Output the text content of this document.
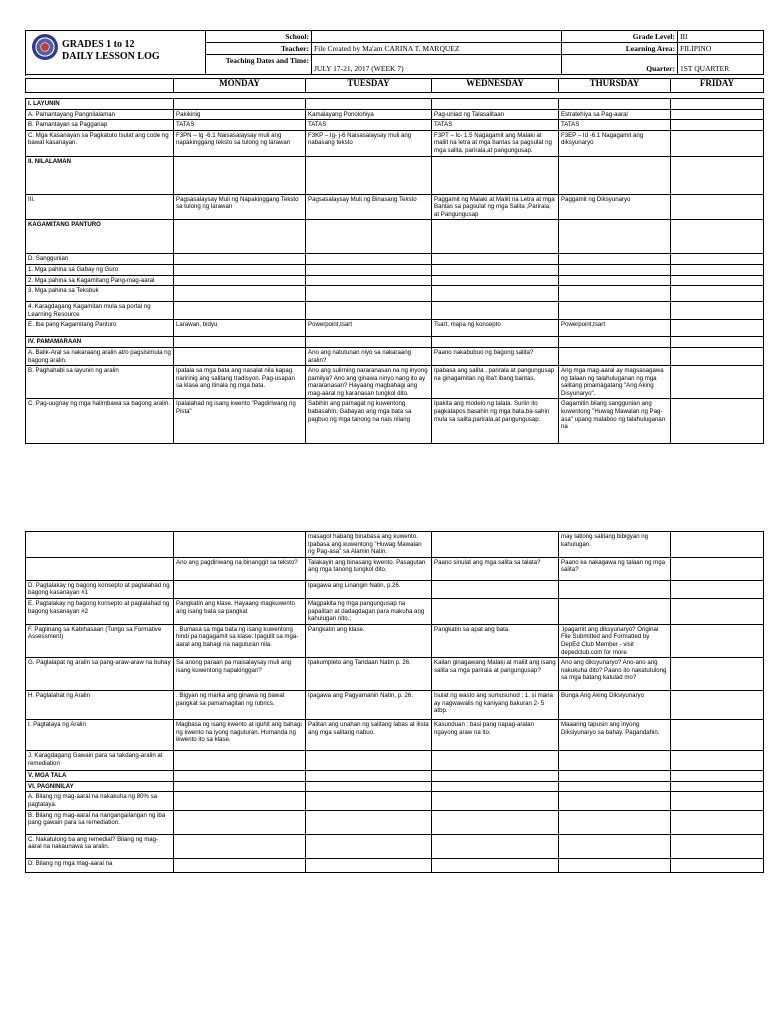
GRADES 1 to 12
DAILY LESSON LOG	School:			Grade Level:	III
	Teacher:	File Created by Ma'am CARINA T. MARQUEZ		Learning Area:	FILIPINO
	Teaching Dates and Time:	JULY 17-21, 2017 (WEEK 7)		Quarter:	1ST QUARTER

	MONDAY	TUESDAY	WEDNESDAY	THURSDAY	FRIDAY
I. LAYUNIN					
A. Pamantayang Pangnilalaman	Pakikinig	Kamalayang Ponolohiya	Pag-unlad ng Talasalitaan	Estratehiya sa Pag-aaral	
B. Pamantayan sa Pagganap	TATAS	TATAS	TATAS	TATAS	
C. Mga Kasanayan sa Pagkatuto Isulat ang code ng bawat kasanayan.	F3PN – Ig -6.1 Naisasalaysay muli ang napakinggang teksto sa tulong ng larawan	F3KP – Ig- j-6 Naisasalaysay muli ang nabasang teksto	F3PT – Ic- 1.5 Nagagamit ang Malaki at maliit na letra at mga bantas sa pagsulat ng mga salita, parirala,at pangungusap.	F3EP – Id -6.1 Nagagamit ang diksyunaryo	
II. NILALAMAN					
III.	Pagsasalaysay Muli ng Napakinggang Teksto sa tulong ng larawan	Pagsasalaysay Muli ng Binasang Teksto	Paggamit ng Malaki at Maliit na Letra at mga Bantas sa pagsulat ng mga Salita ,Parirala, at Pangungusap	Paggamit ng Diksyunaryo	
KAGAMITANG PANTURO					
D. Sanggunian					
1. Mga pahina sa Gabay ng Guro					
2. Mga pahina sa Kagamitang Pang-mag-aaral					
3. Mga pahina sa Teksbuk					
4. Karagdagang Kagamitan mula sa portal ng Learning Resource					
E. Iba pang Kagamitang Panturo	Larawan, bidyu	Powerpoint,tsart	Tsart, mapa ng konsepto	Powerpoint,tsart	
IV. PAMAMARAAN					
A. Balik-Aral sa nakaraang aralin at/o pagsisimula ng bagong aralin.		Ano ang natutunan niyo sa nakaraang aralin?	Paano nakabubuo ng bagong salita?		
B. Paghahabi sa layunin ng aralin	Ipatala sa mga bata ang nasalat nila kapag naririnig ang salitang tradisyon. Pag-usapan sa klase ang itinala ng mga bata.	Ano ang sulirning nararanasan na ng inyong pamilya? Ano ang ginawa ninyo nang ito ay mararanasan? Hayaang magbahagi ang mag-aaral ng karanasan tungkol dito.	Ipabasa ang salita , parirala at pangungusap na ginagamitan ng iba't ibang bantas.	Ang mga mag-aaral ay magsasagawa ng talaan ng talahuluganan ng mga salitang pinamagatang "Ang Aking Disyunaryo".	
C. Pag-uugnay ng mga halimbawa sa bagong aralin.	Ipalalahad ng isang kwento "Pagdiriwang ng Pista"	Sabihin ang pamagat ng kuwentong babasahin. Gabayan ang mga bata sa pagbuo ng mga tanong na nais nilang	Ipakita ang modelo ng talata. Suriin ito pagkatapos basahin ng mga bata,ba-sahin mula sa salita,parirala,at pangungusap.	Gagamitin bilang sanggunian ang kuwentong "Huwag Mawalan ng Pag-asa" upang malaboo ng talahuluganan na	
		masagot habang binabasa ang kuwento. Ipabasa ang kuwentong "Huwag Mawalan ng Pag-asa" sa Alamin Natin.		may tatlong salitang bibigyan ng kahulugan.	
	Ano ang pagdiriwang na binanggit sa teksto?	Talakayin ang binasang kwento. Pasagutan ang mga tanong tungkol dito.	Paano sinulat ang mga salita sa talata?	Paano ka nakagawa ng talaan ng mga salita?	
D. Pagtalakay ng bagong konsepto at paglalahad ng bagong kasanayan #1		Ipagawa ang Linangin Natin, p.26.			
E. Pagtalakay ng bagong konsepto at paglalahad ng bagong kasanayan #2	Pangkatin ang klase. Hayaang magkuwento ang isang bata sa pangkat	Magpakita ng mga pangungusap na papalitan at dadagdagan para makuha ang kahulugan nito.;			
F. Paglinang sa Kabihasaan (Tungo sa Formative Assessment)	. Bumasa sa mga bata ng isang kuwentong hindi pa nagagamit sa klase. Ipagulit sa mga-aaral ang bahagi na naguturan nila.	Pangkatin ang klase.	Pangkatin sa apat ang bata.	.Ipagamit ang diksyunaryo? Original File Submitted and Formatted by DepEd Club Member - visit depedclub.com for more	
G. Paglalapat ng aralin sa pang-araw-araw na buhay	Sa anong paraan pa maisalaysay muli ang isang kuwentong napakinggan?	Ipakumpleto ang Tandaan Natin p. 26.	Kailan ginagawang Malaki at maliit ang isang salita sa mga parirala at pangungusap?	Ano ang diksyunaryo? Ano-ano ang nakukuha dito? Paano ito nakatutulong sa mga batang katulad mo?	
H. Paglalahat ng Aralin	. Bigyan ng marka ang ginawa ng bawat pangkat sa pamamagitan ng rubrics.	Ipagawa ang Pagyamanin Natin, p. 26.	Isulat ng wasto ang sumusunod ; 1. si maria ay nagwawalis ng kaniyang bakuran 2- 5 atbp.	Bunga Ang Aking Diksiyunaryo	
I. Pagtataya ng Aralin	Magbasa ng isang kwento at iguhit ang bahagi ng kwento na iyong naguturan. Humanda ng ikwento ito sa klase.	Palitan ang unahan ng salitang labas at ilista ang mga salitang nabuo.	Kasunduan : basi pang napag-aralan ngayong araw na ito.	Maaaring tapusin ang inyong Diksiyunaryo sa bahay. Pagandahin.	
J. Karagdagang Gawain para sa takdang-aralin at remediation					
V. MGA TALA					
VI. PAGNINILAY					
A. Bilang ng mag-aaral na nakakuha ng 80% sa pagtataya.					
B. Bilang ng mag-aaral na nangangailangan ng iba pang gawain para sa remediation.					
C. Nakatulong ba ang remedial? Bilang ng mag-aaral na nakaunawa sa aralin.					
D. Bilang ng mga mag-aaral na					
